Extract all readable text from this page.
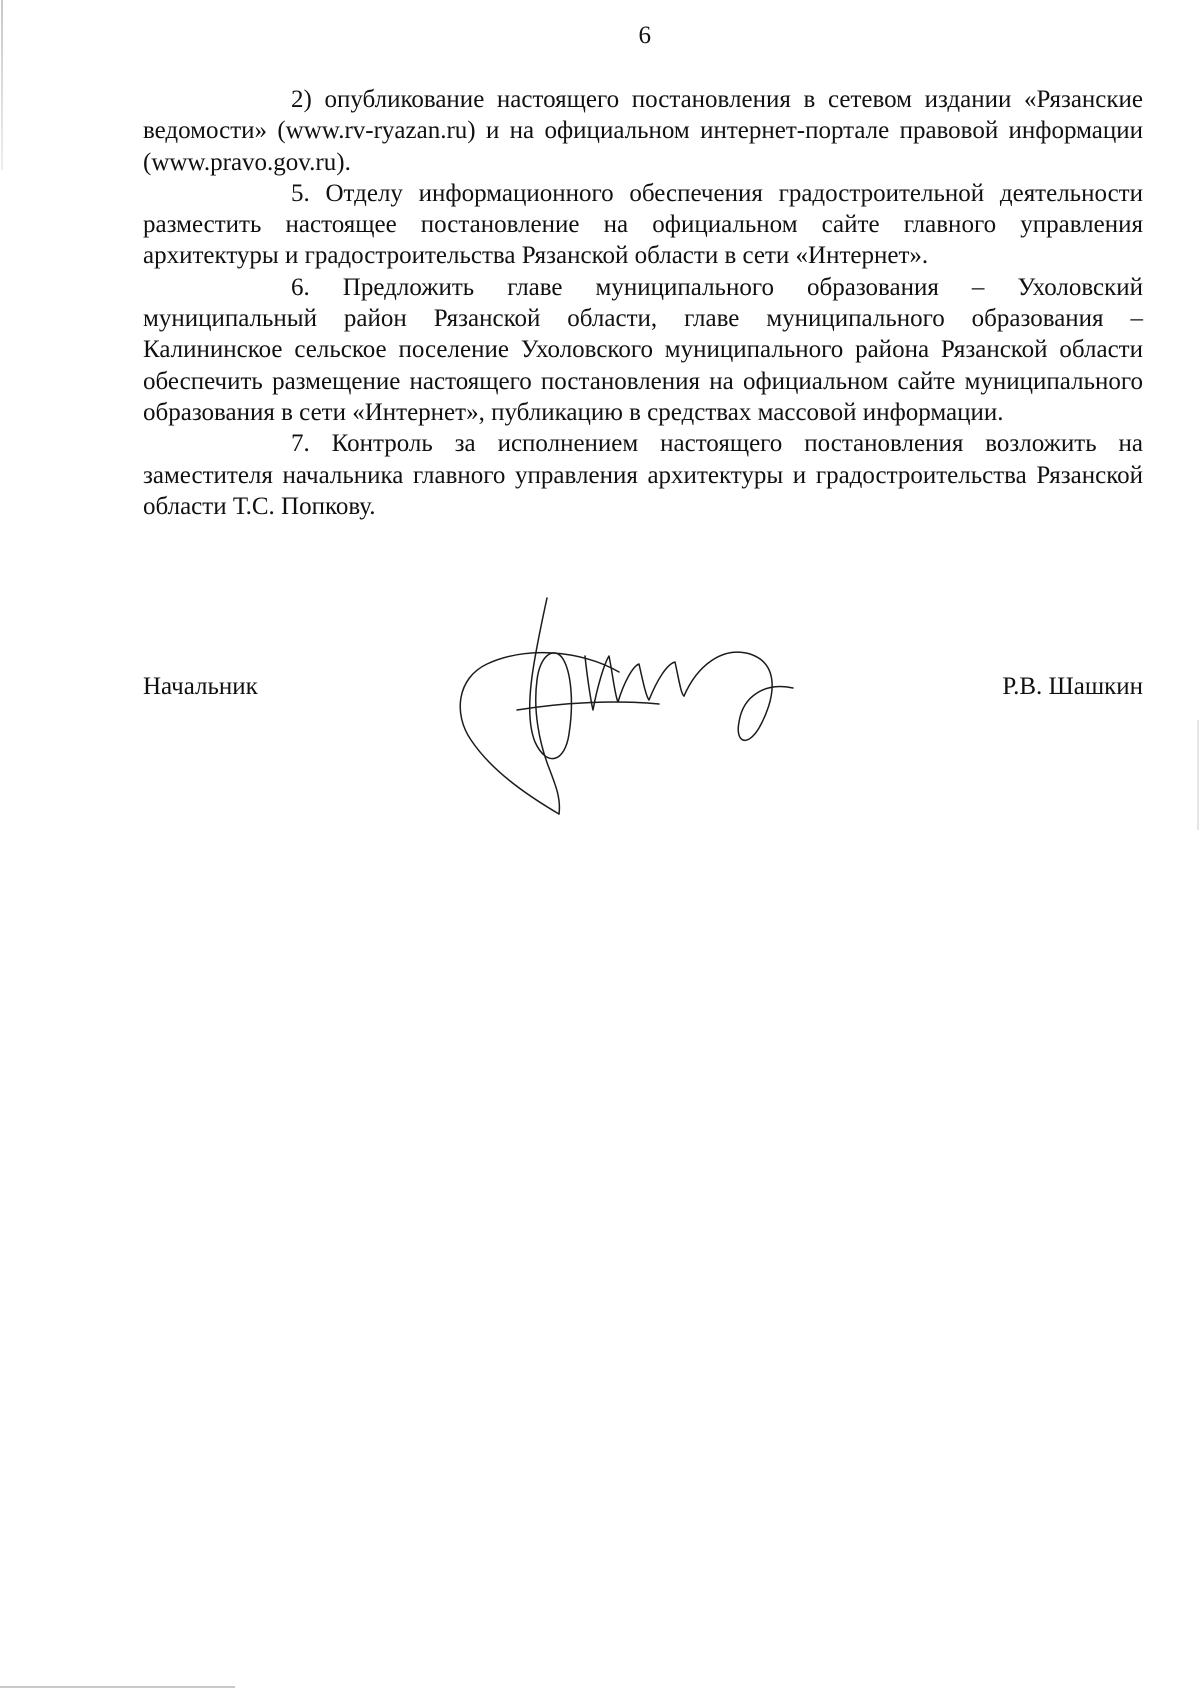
6

2) опубликование настоящего постановления в сетевом издании «Рязанские ведомости» (www.rv-ryazan.ru) и на официальном интернет-портале правовой информации (www.pravo.gov.ru).

5. Отделу информационного обеспечения градостроительной деятельности разместить настоящее постановление на официальном сайте главного управления архитектуры и градостроительства Рязанской области в сети «Интернет».

6. Предложить главе муниципального образования – Ухоловский муниципальный район Рязанской области, главе муниципального образования – Калининское сельское поселение Ухоловского муниципального района Рязанской области обеспечить размещение настоящего постановления на официальном сайте муниципального образования в сети «Интернет», публикацию в средствах массовой информации.

7. Контроль за исполнением настоящего постановления возложить на заместителя начальника главного управления архитектуры и градостроительства Рязанской области Т.С. Попкову.

Начальник	Р.В. Шашкин
